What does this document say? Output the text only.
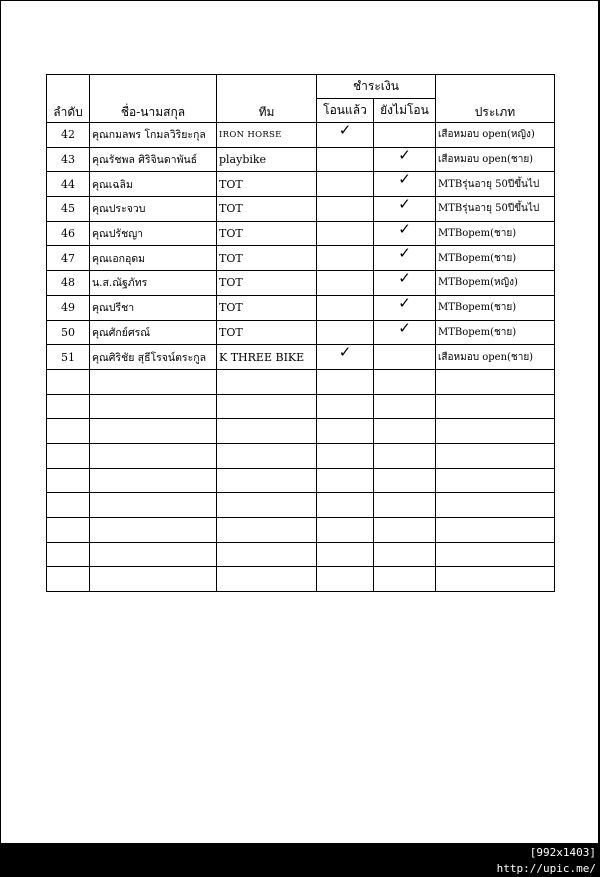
ลำดับ	ชื่อ-นามสกุล	ทีม	ชำระเงิน		ประเภท
			โอนแล้ว	ยังไม่โอน	
42	คุณกมลพร โกมลวิริยะกุล	IRON HORSE	✓		เสือหมอบ open(หญิง)
43	คุณรัชพล ศิริจินดาพันธ์	playbike		✓	เสือหมอบ open(ชาย)
44	คุณเฉลิม	TOT		✓	MTBรุ่นอายุ 50ปีขึ้นไป
45	คุณประจวบ	TOT		✓	MTBรุ่นอายุ 50ปีขึ้นไป
46	คุณปรัชญา	TOT		✓	MTBopem(ชาย)
47	คุณเอกอุดม	TOT		✓	MTBopem(ชาย)
48	น.ส.ณัฐภัทร	TOT		✓	MTBopem(หญิง)
49	คุณปรีชา	TOT		✓	MTBopem(ชาย)
50	คุณศักย์ศรณ์	TOT		✓	MTBopem(ชาย)
51	คุณศิริชัย สุธีโรจน์ตระกูล	K THREE BIKE	✓		เสือหมอบ open(ชาย)

[992x1403] http://upic.me/
